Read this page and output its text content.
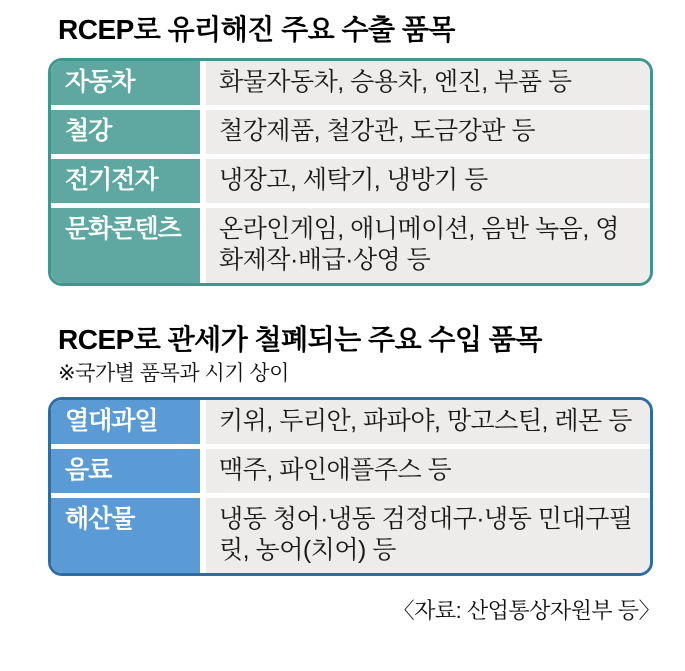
RCEP로 유리해진 주요 수출 품목
자동차	화물자동차, 승용차, 엔진, 부품 등
철강	철강제품, 철강관, 도금강판 등
전기전자	냉장고, 세탁기, 냉방기 등
문화콘텐츠	온라인게임, 애니메이션, 음반 녹음, 영화제작·배급·상영 등
RCEP로 관세가 철폐되는 주요 수입 품목
※국가별 품목과 시기 상이
열대과일	키위, 두리안, 파파야, 망고스틴, 레몬 등
음료	맥주, 파인애플주스 등
해산물	냉동 청어·냉동 검정대구·냉동 민대구필릿, 농어(치어) 등
〈자료: 산업통상자원부 등〉
